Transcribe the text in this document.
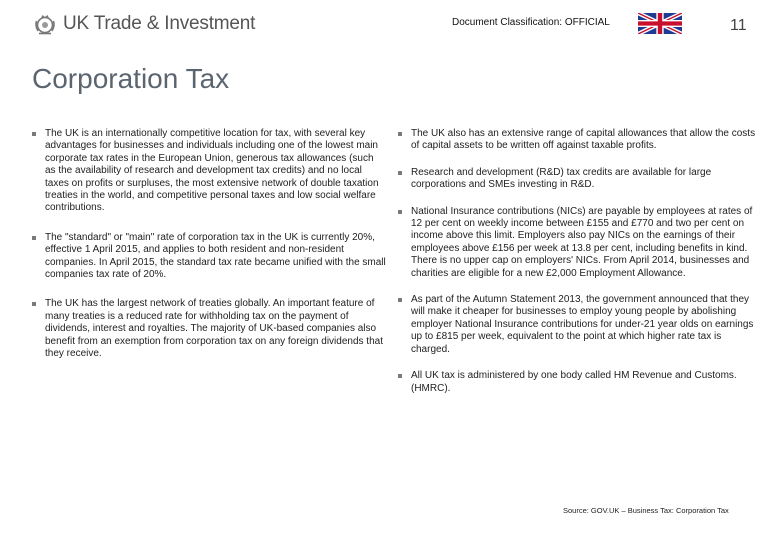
UK Trade & Investment	Document Classification: OFFICIAL	11
Corporation Tax
The UK is an internationally competitive location for tax, with several key advantages for businesses and individuals including one of the lowest main corporate tax rates in the European Union, generous tax allowances (such as the availability of research and development tax credits) and no local taxes on profits or surpluses, the most extensive network of double taxation treaties in the world, and competitive personal taxes and low social welfare contributions.
The "standard" or "main" rate of corporation tax in the UK is currently 20%, effective 1 April 2015, and applies to both resident and non-resident companies. In April 2015, the standard tax rate became unified with the small companies tax rate of 20%.
The UK has the largest network of treaties globally. An important feature of many treaties is a reduced rate for withholding tax on the payment of dividends, interest and royalties. The majority of UK-based companies also benefit from an exemption from corporation tax on any foreign dividends that they receive.
The UK also has an extensive range of capital allowances that allow the costs of capital assets to be written off against taxable profits.
Research and development (R&D) tax credits are available for large corporations and SMEs investing in R&D.
National Insurance contributions (NICs) are payable by employees at rates of 12 per cent on weekly income between £155 and £770 and two per cent on income above this limit. Employers also pay NICs on the earnings of their employees above £156 per week at 13.8 per cent, including benefits in kind. There is no upper cap on employers' NICs. From April 2014, businesses and charities are eligible for a new £2,000 Employment Allowance.
As part of the Autumn Statement 2013, the government announced that they will make it cheaper for businesses to employ young people by abolishing employer National Insurance contributions for under-21 year olds on earnings up to £815 per week, equivalent to the point at which higher rate tax is charged.
All UK tax is administered by one body called HM Revenue and Customs. (HMRC).
Source: GOV.UK – Business Tax: Corporation Tax
